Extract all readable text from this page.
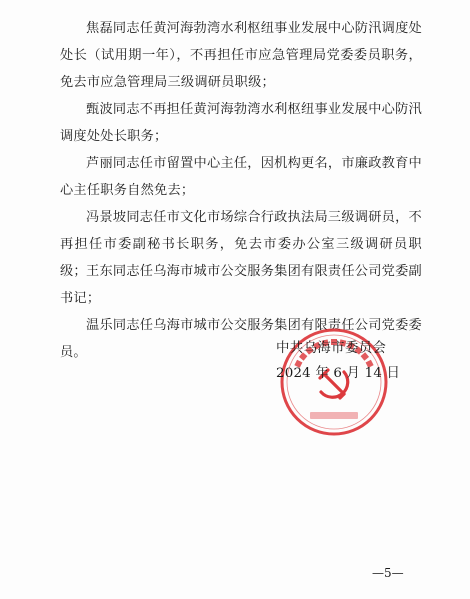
焦磊同志任黄河海勃湾水利枢纽事业发展中心防汛调度处处长（试用期一年），不再担任市应急管理局党委委员职务，免去市应急管理局三级调研员职级；

甄波同志不再担任黄河海勃湾水利枢纽事业发展中心防汛调度处处长职务；

芦丽同志任市留置中心主任，因机构更名，市廉政教育中心主任职务自然免去；

冯景坡同志任市文化市场综合行政执法局三级调研员，不再担任市委副秘书长职务，免去市委办公室三级调研员职级； 王东同志任乌海市城市公交服务集团有限责任公司党委副书记；

温乐同志任乌海市城市公交服务集团有限责任公司党委委员。	中共乌海市委员会

2024 年 6 月 14 日

—5—
